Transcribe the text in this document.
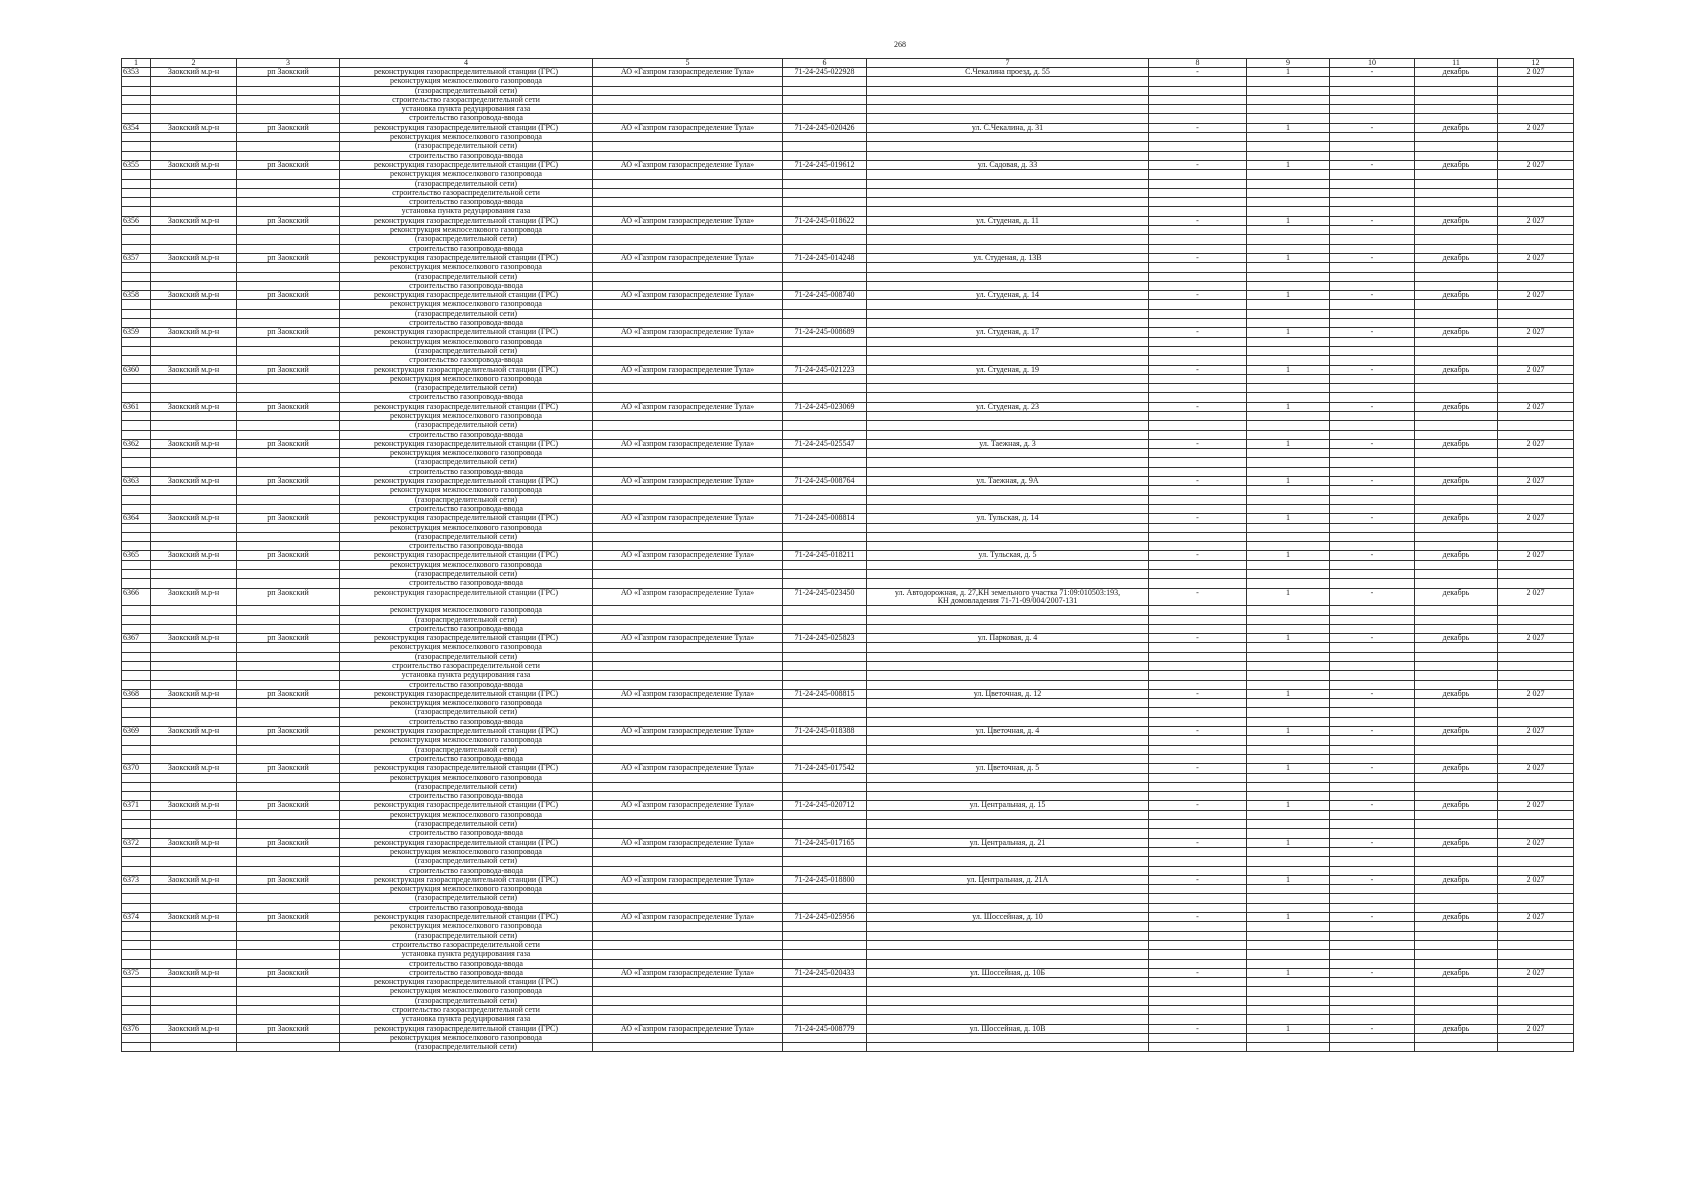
268
1	2	3	4	5	6	7	8	9	10	11	12
6353	Заокский м.р-н	рп Заокский	реконструкция газораспределительной станции (ГРС)	АО «Газпром газораспределение Тула»	71-24-245-022928	С.Чекалина проезд, д. 55	-	1	-	декабрь	2 027
			реконструкция межпоселкового газопровода								
			(газораспределительной сети)								
			строительство газораспределительной сети								
			установка пункта редуцирования газа								
			строительство газопровода-ввода								
6354	Заокский м.р-н	рп Заокский	реконструкция газораспределительной станции (ГРС)	АО «Газпром газораспределение Тула»	71-24-245-020426	ул. С.Чекалина, д. 31	-	1	-	декабрь	2 027
			реконструкция межпоселкового газопровода								
			(газораспределительной сети)								
			строительство газопровода-ввода								
6355	Заокский м.р-н	рп Заокский	реконструкция газораспределительной станции (ГРС)	АО «Газпром газораспределение Тула»	71-24-245-019612	ул. Садовая, д. 33	-	1	-	декабрь	2 027
			реконструкция межпоселкового газопровода								
			(газораспределительной сети)								
			строительство газораспределительной сети								
			строительство газопровода-ввода								
			установка пункта редуцирования газа								
6356	Заокский м.р-н	рп Заокский	реконструкция газораспределительной станции (ГРС)	АО «Газпром газораспределение Тула»	71-24-245-018622	ул. Студеная, д. 11	-	1	-	декабрь	2 027
			реконструкция межпоселкового газопровода								
			(газораспределительной сети)								
			строительство газопровода-ввода								
6357	Заокский м.р-н	рп Заокский	реконструкция газораспределительной станции (ГРС)	АО «Газпром газораспределение Тула»	71-24-245-014248	ул. Студеная, д. 13В	-	1	-	декабрь	2 027
			реконструкция межпоселкового газопровода								
			(газораспределительной сети)								
			строительство газопровода-ввода								
6358	Заокский м.р-н	рп Заокский	реконструкция газораспределительной станции (ГРС)	АО «Газпром газораспределение Тула»	71-24-245-008740	ул. Студеная, д. 14	-	1	-	декабрь	2 027
			реконструкция межпоселкового газопровода								
			(газораспределительной сети)								
			строительство газопровода-ввода								
6359	Заокский м.р-н	рп Заокский	реконструкция газораспределительной станции (ГРС)	АО «Газпром газораспределение Тула»	71-24-245-008689	ул. Студеная, д. 17	-	1	-	декабрь	2 027
			реконструкция межпоселкового газопровода								
			(газораспределительной сети)								
			строительство газопровода-ввода								
6360	Заокский м.р-н	рп Заокский	реконструкция газораспределительной станции (ГРС)	АО «Газпром газораспределение Тула»	71-24-245-021223	ул. Студеная, д. 19	-	1	-	декабрь	2 027
			реконструкция межпоселкового газопровода								
			(газораспределительной сети)								
			строительство газопровода-ввода								
6361	Заокский м.р-н	рп Заокский	реконструкция газораспределительной станции (ГРС)	АО «Газпром газораспределение Тула»	71-24-245-023069	ул. Студеная, д. 23	-	1	-	декабрь	2 027
			реконструкция межпоселкового газопровода								
			(газораспределительной сети)								
			строительство газопровода-ввода								
6362	Заокский м.р-н	рп Заокский	реконструкция газораспределительной станции (ГРС)	АО «Газпром газораспределение Тула»	71-24-245-025547	ул. Таежная, д. 3	-	1	-	декабрь	2 027
			реконструкция межпоселкового газопровода								
			(газораспределительной сети)								
			строительство газопровода-ввода								
6363	Заокский м.р-н	рп Заокский	реконструкция газораспределительной станции (ГРС)	АО «Газпром газораспределение Тула»	71-24-245-008764	ул. Таежная, д. 9А	-	1	-	декабрь	2 027
			реконструкция межпоселкового газопровода								
			(газораспределительной сети)								
			строительство газопровода-ввода								
6364	Заокский м.р-н	рп Заокский	реконструкция газораспределительной станции (ГРС)	АО «Газпром газораспределение Тула»	71-24-245-008814	ул. Тульская, д. 14	-	1	-	декабрь	2 027
			реконструкция межпоселкового газопровода								
			(газораспределительной сети)								
			строительство газопровода-ввода								
6365	Заокский м.р-н	рп Заокский	реконструкция газораспределительной станции (ГРС)	АО «Газпром газораспределение Тула»	71-24-245-018211	ул. Тульская, д. 5	-	1	-	декабрь	2 027
			реконструкция межпоселкового газопровода								
			(газораспределительной сети)								
			строительство газопровода-ввода								
6366	Заокский м.р-н	рп Заокский	реконструкция газораспределительной станции (ГРС)	АО «Газпром газораспределение Тула»	71-24-245-023450	ул. Автодорожная, д. 27,КН земельного участка 71:09:010503:193,
КН домовладения 71-71-09/004/2007-131	-	1	-	декабрь	2 027
			реконструкция межпоселкового газопровода								
			(газораспределительной сети)								
			строительство газопровода-ввода								
6367	Заокский м.р-н	рп Заокский	реконструкция газораспределительной станции (ГРС)	АО «Газпром газораспределение Тула»	71-24-245-025823	ул. Парковая, д. 4	-	1	-	декабрь	2 027
			реконструкция межпоселкового газопровода								
			(газораспределительной сети)								
			строительство газораспределительной сети								
			установка пункта редуцирования газа								
			строительство газопровода-ввода								
6368	Заокский м.р-н	рп Заокский	реконструкция газораспределительной станции (ГРС)	АО «Газпром газораспределение Тула»	71-24-245-008815	ул. Цветочная, д. 12	-	1	-	декабрь	2 027
			реконструкция межпоселкового газопровода								
			(газораспределительной сети)								
			строительство газопровода-ввода								
6369	Заокский м.р-н	рп Заокский	реконструкция газораспределительной станции (ГРС)	АО «Газпром газораспределение Тула»	71-24-245-018388	ул. Цветочная, д. 4	-	1	-	декабрь	2 027
			реконструкция межпоселкового газопровода								
			(газораспределительной сети)								
			строительство газопровода-ввода								
6370	Заокский м.р-н	рп Заокский	реконструкция газораспределительной станции (ГРС)	АО «Газпром газораспределение Тула»	71-24-245-017542	ул. Цветочная, д. 5	-	1	-	декабрь	2 027
			реконструкция межпоселкового газопровода								
			(газораспределительной сети)								
			строительство газопровода-ввода								
6371	Заокский м.р-н	рп Заокский	реконструкция газораспределительной станции (ГРС)	АО «Газпром газораспределение Тула»	71-24-245-020712	ул. Центральная, д. 15	-	1	-	декабрь	2 027
			реконструкция межпоселкового газопровода								
			(газораспределительной сети)								
			строительство газопровода-ввода								
6372	Заокский м.р-н	рп Заокский	реконструкция газораспределительной станции (ГРС)	АО «Газпром газораспределение Тула»	71-24-245-017165	ул. Центральная, д. 21	-	1	-	декабрь	2 027
			реконструкция межпоселкового газопровода								
			(газораспределительной сети)								
			строительство газопровода-ввода								
6373	Заокский м.р-н	рп Заокский	реконструкция газораспределительной станции (ГРС)	АО «Газпром газораспределение Тула»	71-24-245-018800	ул. Центральная, д. 21А	-	1	-	декабрь	2 027
			реконструкция межпоселкового газопровода								
			(газораспределительной сети)								
			строительство газопровода-ввода								
6374	Заокский м.р-н	рп Заокский	реконструкция газораспределительной станции (ГРС)	АО «Газпром газораспределение Тула»	71-24-245-025956	ул. Шоссейная, д. 10	-	1	-	декабрь	2 027
			реконструкция межпоселкового газопровода								
			(газораспределительной сети)								
			строительство газораспределительной сети								
			установка пункта редуцирования газа								
			строительство газопровода-ввода								
6375	Заокский м.р-н	рп Заокский	строительство газопровода-ввода	АО «Газпром газораспределение Тула»	71-24-245-020433	ул. Шоссейная, д. 10Б	-	1	-	декабрь	2 027
			реконструкция газораспределительной станции (ГРС)								
			реконструкция межпоселкового газопровода								
			(газораспределительной сети)								
			строительство газораспределительной сети								
			установка пункта редуцирования газа								
6376	Заокский м.р-н	рп Заокский	реконструкция газораспределительной станции (ГРС)	АО «Газпром газораспределение Тула»	71-24-245-008779	ул. Шоссейная, д. 10В	-	1	-	декабрь	2 027
			реконструкция межпоселкового газопровода								
			(газораспределительной сети)								
